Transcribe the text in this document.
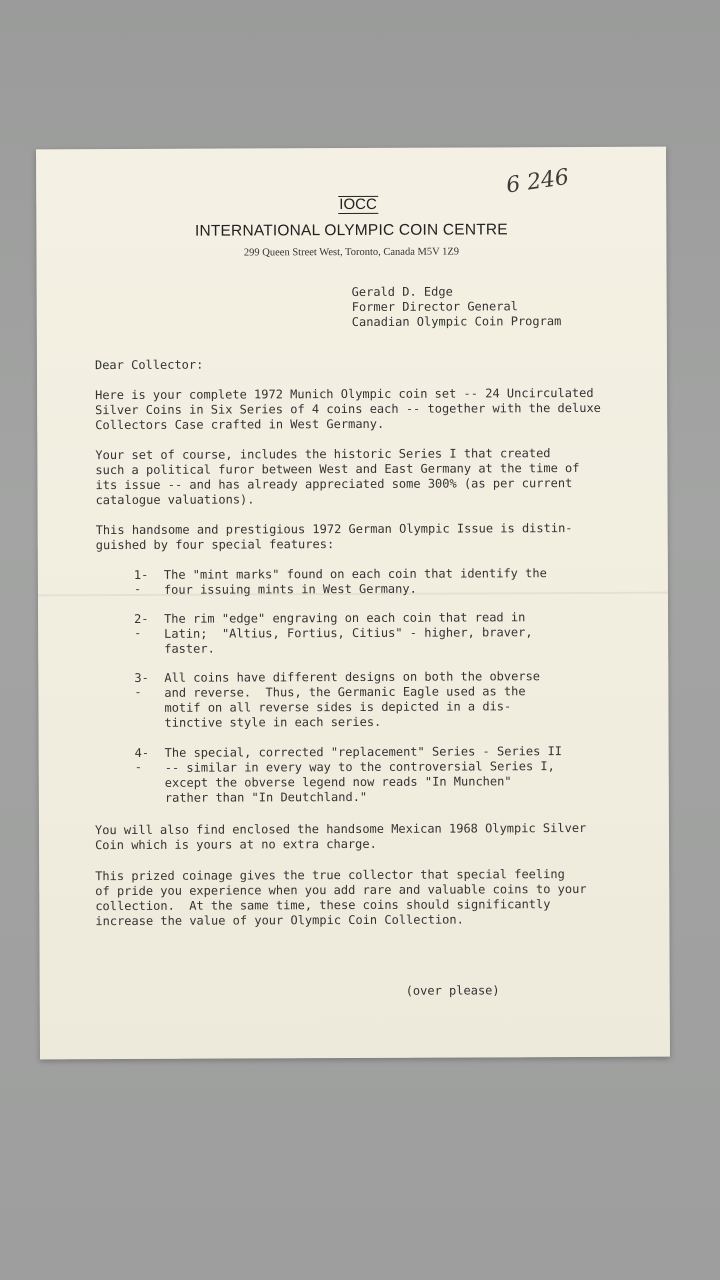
6 246
IOCC
INTERNATIONAL OLYMPIC COIN CENTRE
299 Queen Street West, Toronto, Canada M5V 1Z9
Gerald D. Edge
Former Director General
Canadian Olympic Coin Program
Dear Collector:
Here is your complete 1972 Munich Olympic coin set -- 24 Uncirculated
Silver Coins in Six Series of 4 coins each -- together with the deluxe
Collectors Case crafted in West Germany.
Your set of course, includes the historic Series I that created
such a political furor between West and East Germany at the time of
its issue -- and has already appreciated some 300% (as per current
catalogue valuations).
This handsome and prestigious 1972 German Olympic Issue is distin-
guished by four special features:
1--
The "mint marks" found on each coin that identify the
four issuing mints in West Germany.
2--
The rim "edge" engraving on each coin that read in
Latin;  "Altius, Fortius, Citius" - higher, braver,
faster.
3--
All coins have different designs on both the obverse
and reverse.  Thus, the Germanic Eagle used as the
motif on all reverse sides is depicted in a dis-
tinctive style in each series.
4--
The special, corrected "replacement" Series - Series II
-- similar in every way to the controversial Series I,
except the obverse legend now reads "In Munchen"
rather than "In Deutchland."
You will also find enclosed the handsome Mexican 1968 Olympic Silver
Coin which is yours at no extra charge.
This prized coinage gives the true collector that special feeling
of pride you experience when you add rare and valuable coins to your
collection.  At the same time, these coins should significantly
increase the value of your Olympic Coin Collection.
(over please)
